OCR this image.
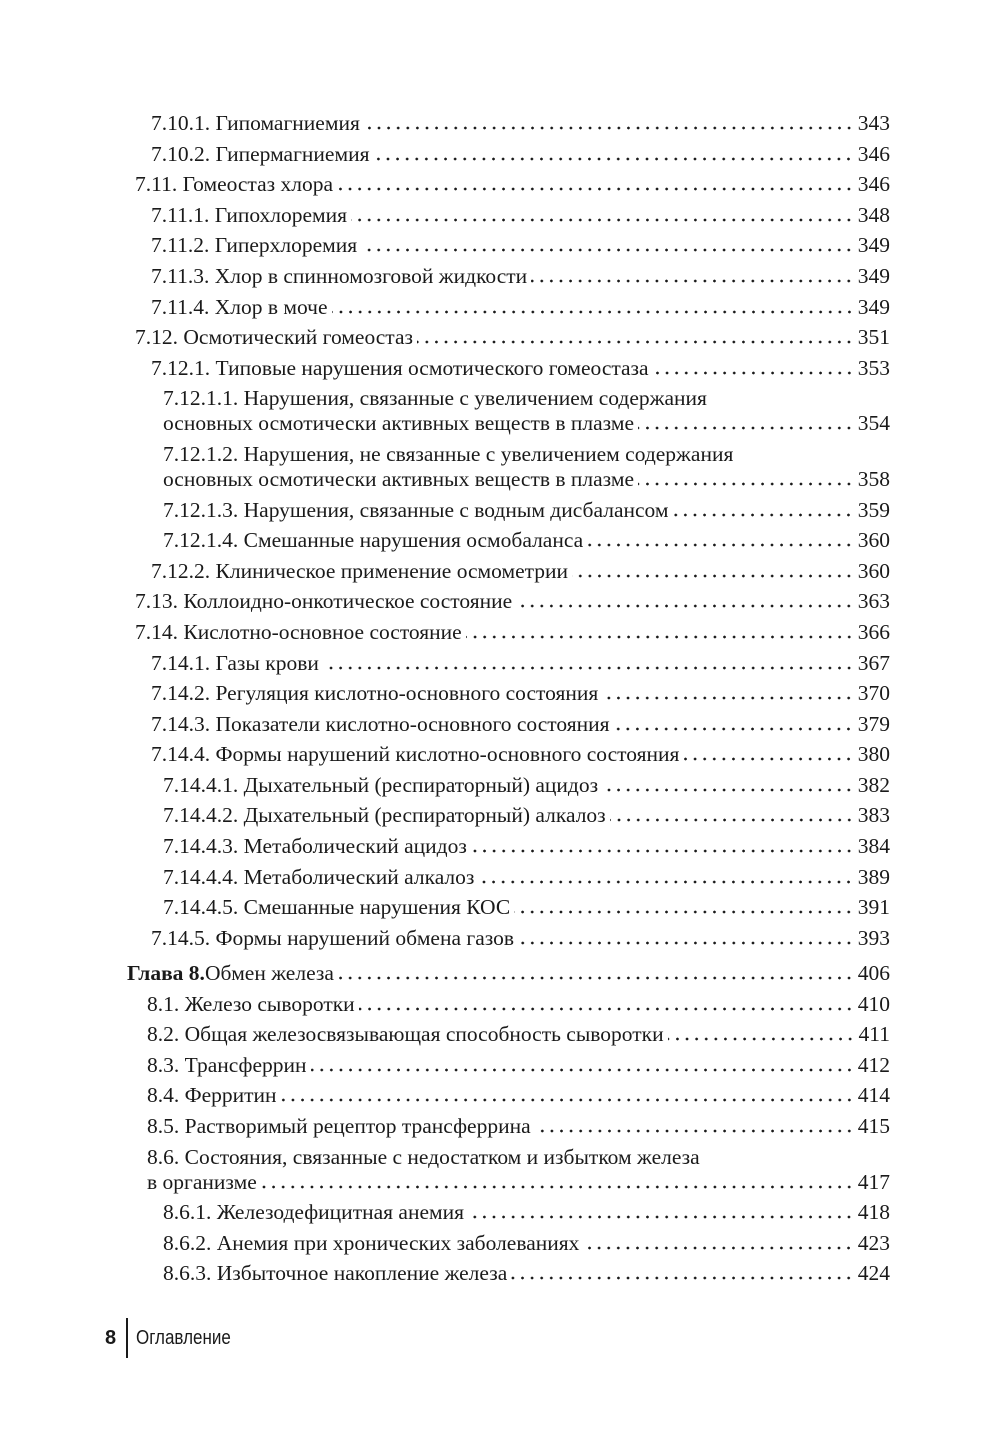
7.10.1. Гипомагниемия	343
7.10.2. Гипермагниемия	346
7.11. Гомеостаз хлора	346
7.11.1. Гипохлоремия	348
7.11.2. Гиперхлоремия	349
7.11.3. Хлор в спинномозговой жидкости	349
7.11.4. Хлор в моче	349
7.12. Осмотический гомеостаз	351
7.12.1. Типовые нарушения осмотического гомеостаза	353
7.12.1.1. Нарушения, связанные с увеличением содержания
основных осмотически активных веществ в плазме	354
7.12.1.2. Нарушения, не связанные с увеличением содержания
основных осмотически активных веществ в плазме	358
7.12.1.3. Нарушения, связанные с водным дисбалансом	359
7.12.1.4. Смешанные нарушения осмобаланса	360
7.12.2. Клиническое применение осмометрии	360
7.13. Коллоидно-онкотическое состояние	363
7.14. Кислотно-основное состояние	366
7.14.1. Газы крови	367
7.14.2. Регуляция кислотно-основного состояния	370
7.14.3. Показатели кислотно-основного состояния	379
7.14.4. Формы нарушений кислотно-основного состояния	380
7.14.4.1. Дыхательный (респираторный) ацидоз	382
7.14.4.2. Дыхательный (респираторный) алкалоз	383
7.14.4.3. Метаболический ацидоз	384
7.14.4.4. Метаболический алкалоз	389
7.14.4.5. Смешанные нарушения КОС	391
7.14.5. Формы нарушений обмена газов	393
Глава 8. Обмен железа	406
8.1. Железо сыворотки	410
8.2. Общая железосвязывающая способность сыворотки	411
8.3. Трансферрин	412
8.4. Ферритин	414
8.5. Растворимый рецептор трансферрина	415
8.6. Состояния, связанные с недостатком и избытком железа
в организме	417
8.6.1. Железодефицитная анемия	418
8.6.2. Анемия при хронических заболеваниях	423
8.6.3. Избыточное накопление железа	424
8 Оглавление
